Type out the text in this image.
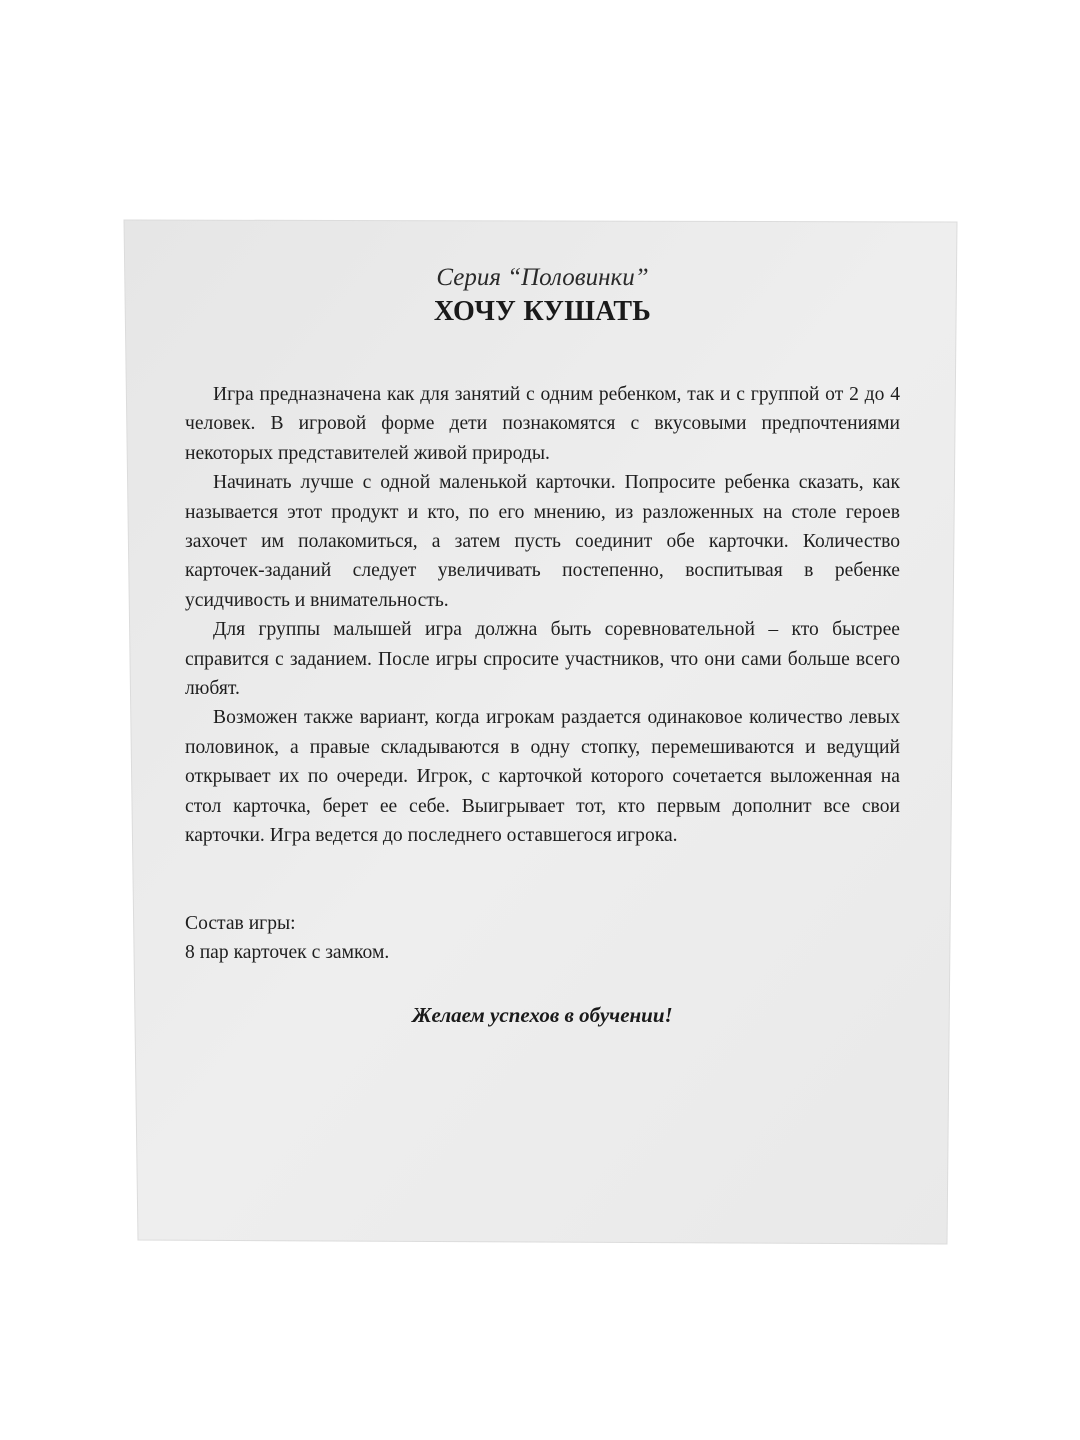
Серия “Половинки”

ХОЧУ КУШАТЬ

Игра предназначена как для занятий с одним ребенком, так и с группой от 2 до 4 человек. В игровой форме дети познакомятся с вкусовыми предпочтениями некоторых представителей живой природы.

Начинать лучше с одной маленькой карточки. Попросите ребенка сказать, как называется этот продукт и кто, по его мнению, из разложенных на столе героев захочет им полакомиться, а затем пусть соединит обе карточки. Количество карточек-заданий следует увеличивать постепенно, воспитывая в ребенке усидчивость и внимательность.

Для группы малышей игра должна быть соревновательной – кто быстрее справится с заданием. После игры спросите участников, что они сами больше всего любят.

Возможен также вариант, когда игрокам раздается одинаковое количество левых половинок, а правые складываются в одну стопку, перемешиваются и ведущий открывает их по очереди. Игрок, с карточкой которого сочетается выложенная на стол карточка, берет ее себе. Выигрывает тот, кто первым дополнит все свои карточки. Игра ведется до последнего оставшегося игрока.

Состав игры:

8 пар карточек с замком.

Желаем успехов в обучении!
